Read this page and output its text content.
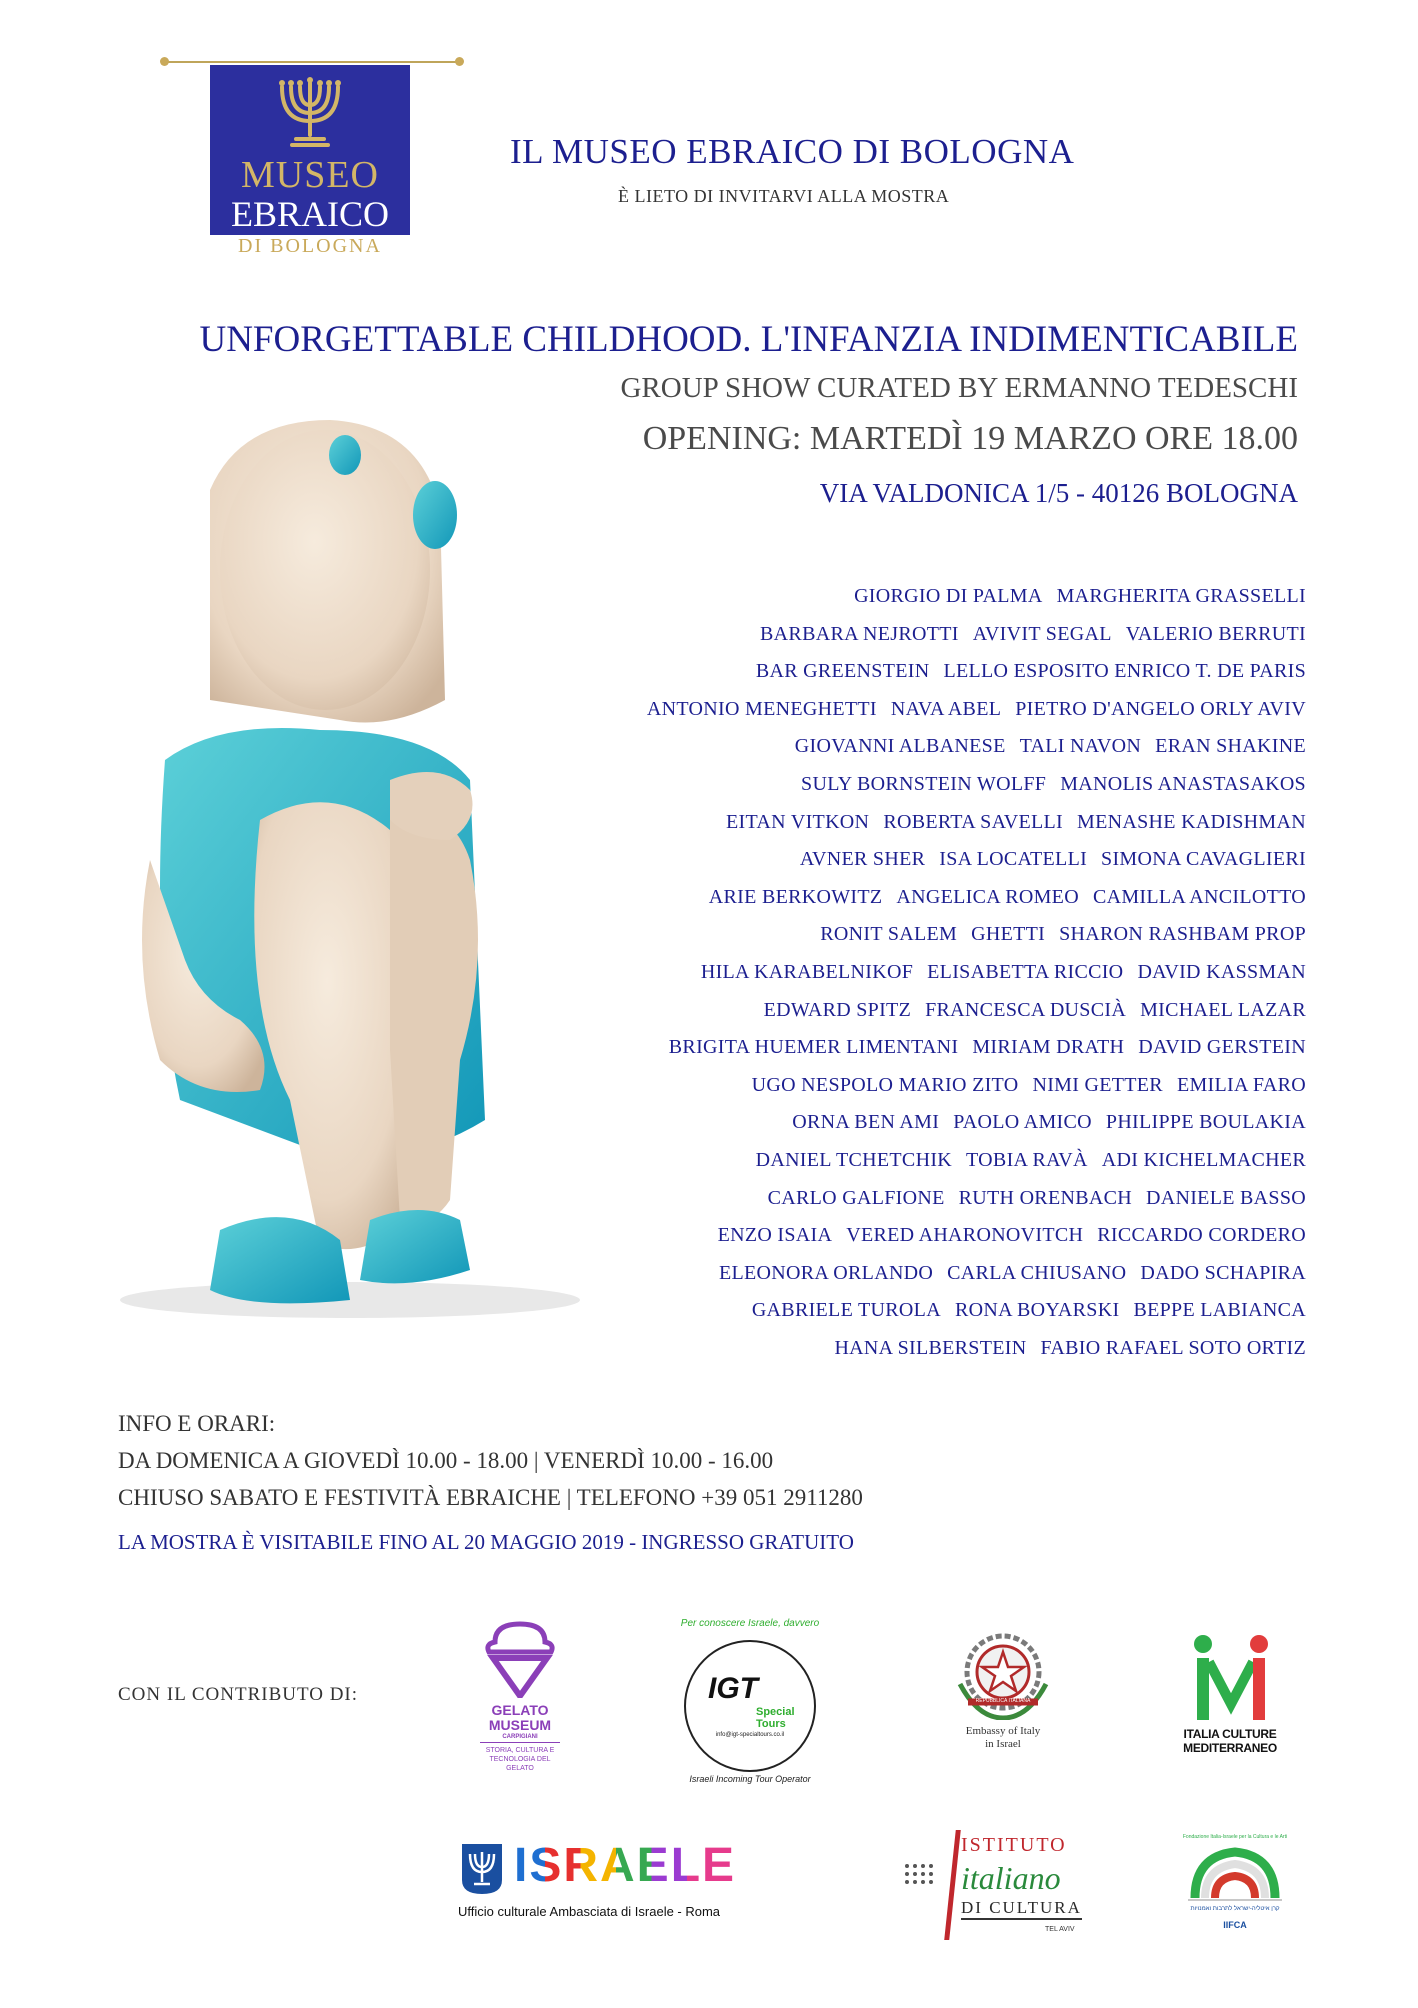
MUSEO
EBRAICO
DI BOLOGNA
IL MUSEO EBRAICO DI BOLOGNA
È LIETO DI INVITARVI ALLA MOSTRA
UNFORGETTABLE CHILDHOOD. L'INFANZIA INDIMENTICABILE
GROUP SHOW CURATED BY ERMANNO TEDESCHI
OPENING: MARTEDÌ 19 MARZO ORE 18.00
VIA VALDONICA 1/5 - 40126 BOLOGNA
GIORGIO DI PALMA MARGHERITA GRASSELLI
BARBARA NEJROTTI AVIVIT SEGAL VALERIO BERRUTI
BAR GREENSTEIN LELLO ESPOSITO ENRICO T. DE PARIS
ANTONIO MENEGHETTI NAVA ABEL PIETRO D'ANGELO ORLY AVIV
GIOVANNI ALBANESE TALI NAVON ERAN SHAKINE
SULY BORNSTEIN WOLFF MANOLIS ANASTASAKOS
EITAN VITKON ROBERTA SAVELLI MENASHE KADISHMAN
AVNER SHER ISA LOCATELLI SIMONA CAVAGLIERI
ARIE BERKOWITZ ANGELICA ROMEO CAMILLA ANCILOTTO
RONIT SALEM GHETTI SHARON RASHBAM PROP
HILA KARABELNIKOF ELISABETTA RICCIO DAVID KASSMAN
EDWARD SPITZ FRANCESCA DUSCIÀ MICHAEL LAZAR
BRIGITA HUEMER LIMENTANI MIRIAM DRATH DAVID GERSTEIN
UGO NESPOLO MARIO ZITO NIMI GETTER EMILIA FARO
ORNA BEN AMI PAOLO AMICO PHILIPPE BOULAKIA
DANIEL TCHETCHIK TOBIA RAVÀ ADI KICHELMACHER
CARLO GALFIONE RUTH ORENBACH DANIELE BASSO
ENZO ISAIA VERED AHARONOVITCH RICCARDO CORDERO
ELEONORA ORLANDO CARLA CHIUSANO DADO SCHAPIRA
GABRIELE TUROLA RONA BOYARSKI BEPPE LABIANCA
HANA SILBERSTEIN FABIO RAFAEL SOTO ORTIZ
INFO E ORARI:
DA DOMENICA A GIOVEDÌ 10.00 - 18.00 | VENERDÌ 10.00 - 16.00
CHIUSO SABATO E FESTIVITÀ EBRAICHE | TELEFONO +39 051 2911280
LA MOSTRA È VISITABILE FINO AL 20 MAGGIO 2019 - INGRESSO GRATUITO
CON IL CONTRIBUTO DI:
GELATO
MUSEUM
CARPIGIANI
STORIA, CULTURA E TECNOLOGIA DEL GELATO
Per conoscere Israele, davvero
IGT
Special Tours
info@igt-specialtours.co.il
Israeli Incoming Tour Operator
REPUBBLICA ITALIANA
Embassy of Italy
in Israel
ITALIA CULTURE
MEDITERRANEO
ISRAELE
Ufficio culturale Ambasciata di Israele - Roma
ISTITUTO
italiano
DI CULTURA
TEL AVIV
Fondazione Italia-Israele per la Cultura e le Arti
קרן איטליה-ישראל לתרבות ואמנויות
IIFCA
